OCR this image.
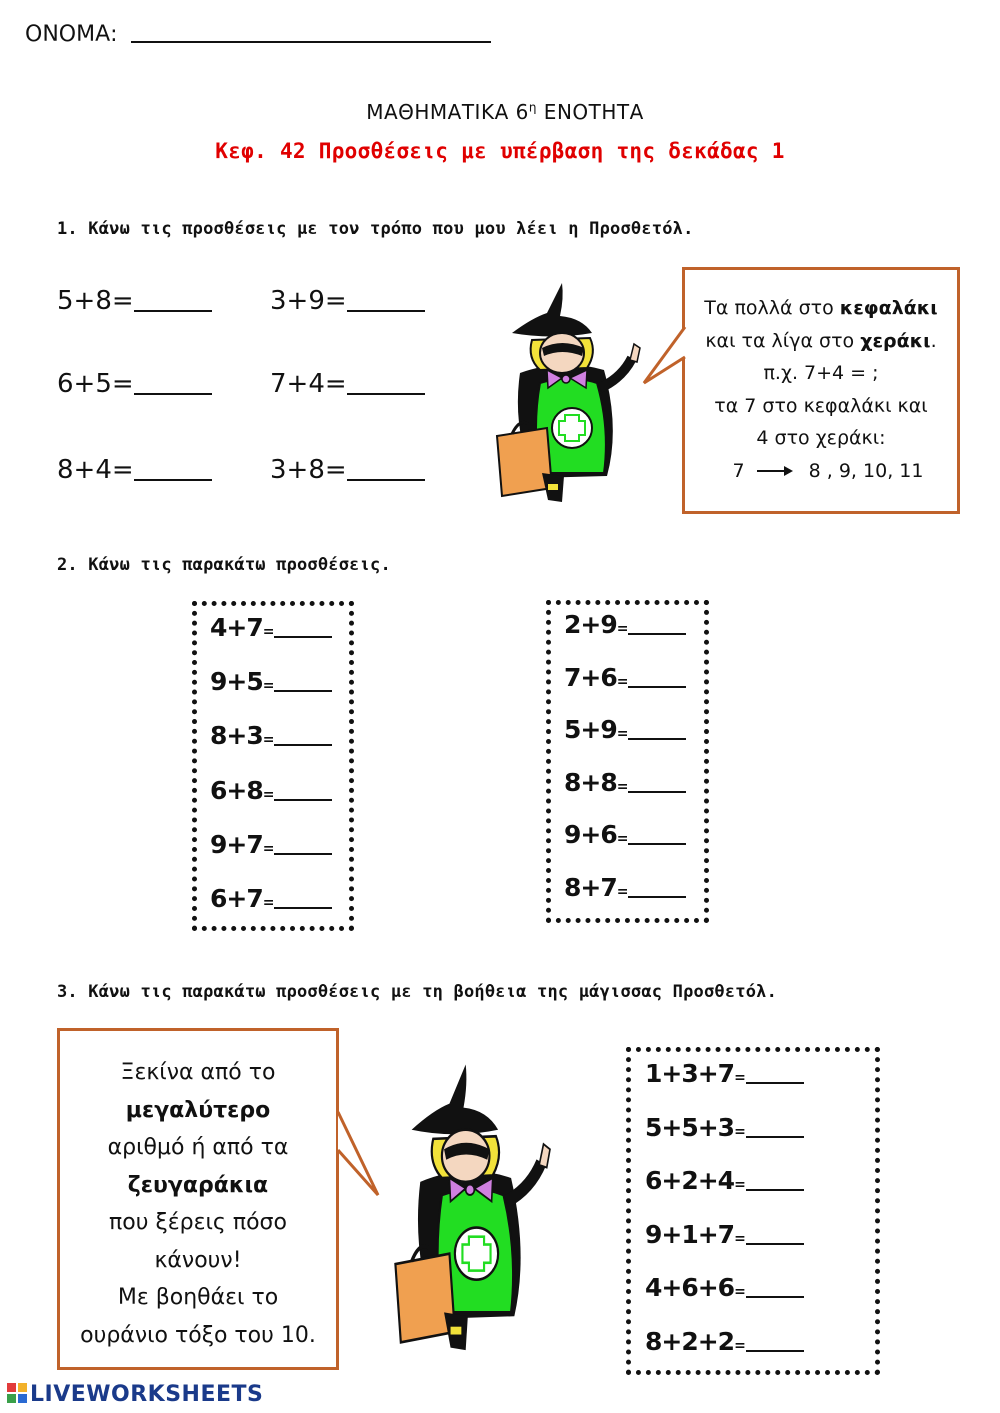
ΟΝΟΜΑ:
ΜΑΘΗΜΑΤΙΚΑ $6^\eta$ ΕΝΟΤΗΤΑ
Κεφ. 42 Προσθέσεις με υπέρβαση της δεκάδας 1
1. Κάνω τις προσθέσεις με τον τρόπο που μου λέει η Προσθετόλ.
5+8=	3+9=
6+5=	7+4=
8+4=	3+8=
Τα πολλά στο κεφαλάκι
και τα λίγα στο χεράκι.
π.χ. 7+4 = ;
τα 7 στο κεφαλάκι και
4 στο χεράκι:
7	8 , 9, 10, 11
2. Κάνω τις παρακάτω προσθέσεις.
4+7=
9+5=
8+3=
6+8=
9+7=
6+7=
2+9=
7+6=
5+9=
8+8=
9+6=
8+7=
3. Κάνω τις παρακάτω προσθέσεις με τη βοήθεια της μάγισσας Προσθετόλ.
Ξεκίνα από το
μεγαλύτερο
αριθμό ή από τα
ζευγαράκια
που ξέρεις πόσο
κάνουν!
Με βοηθάει το
ουράνιο τόξο του 10.
1+3+7=
5+5+3=
6+2+4=
9+1+7=
4+6+6=
8+2+2=
LIVEWORKSHEETS
